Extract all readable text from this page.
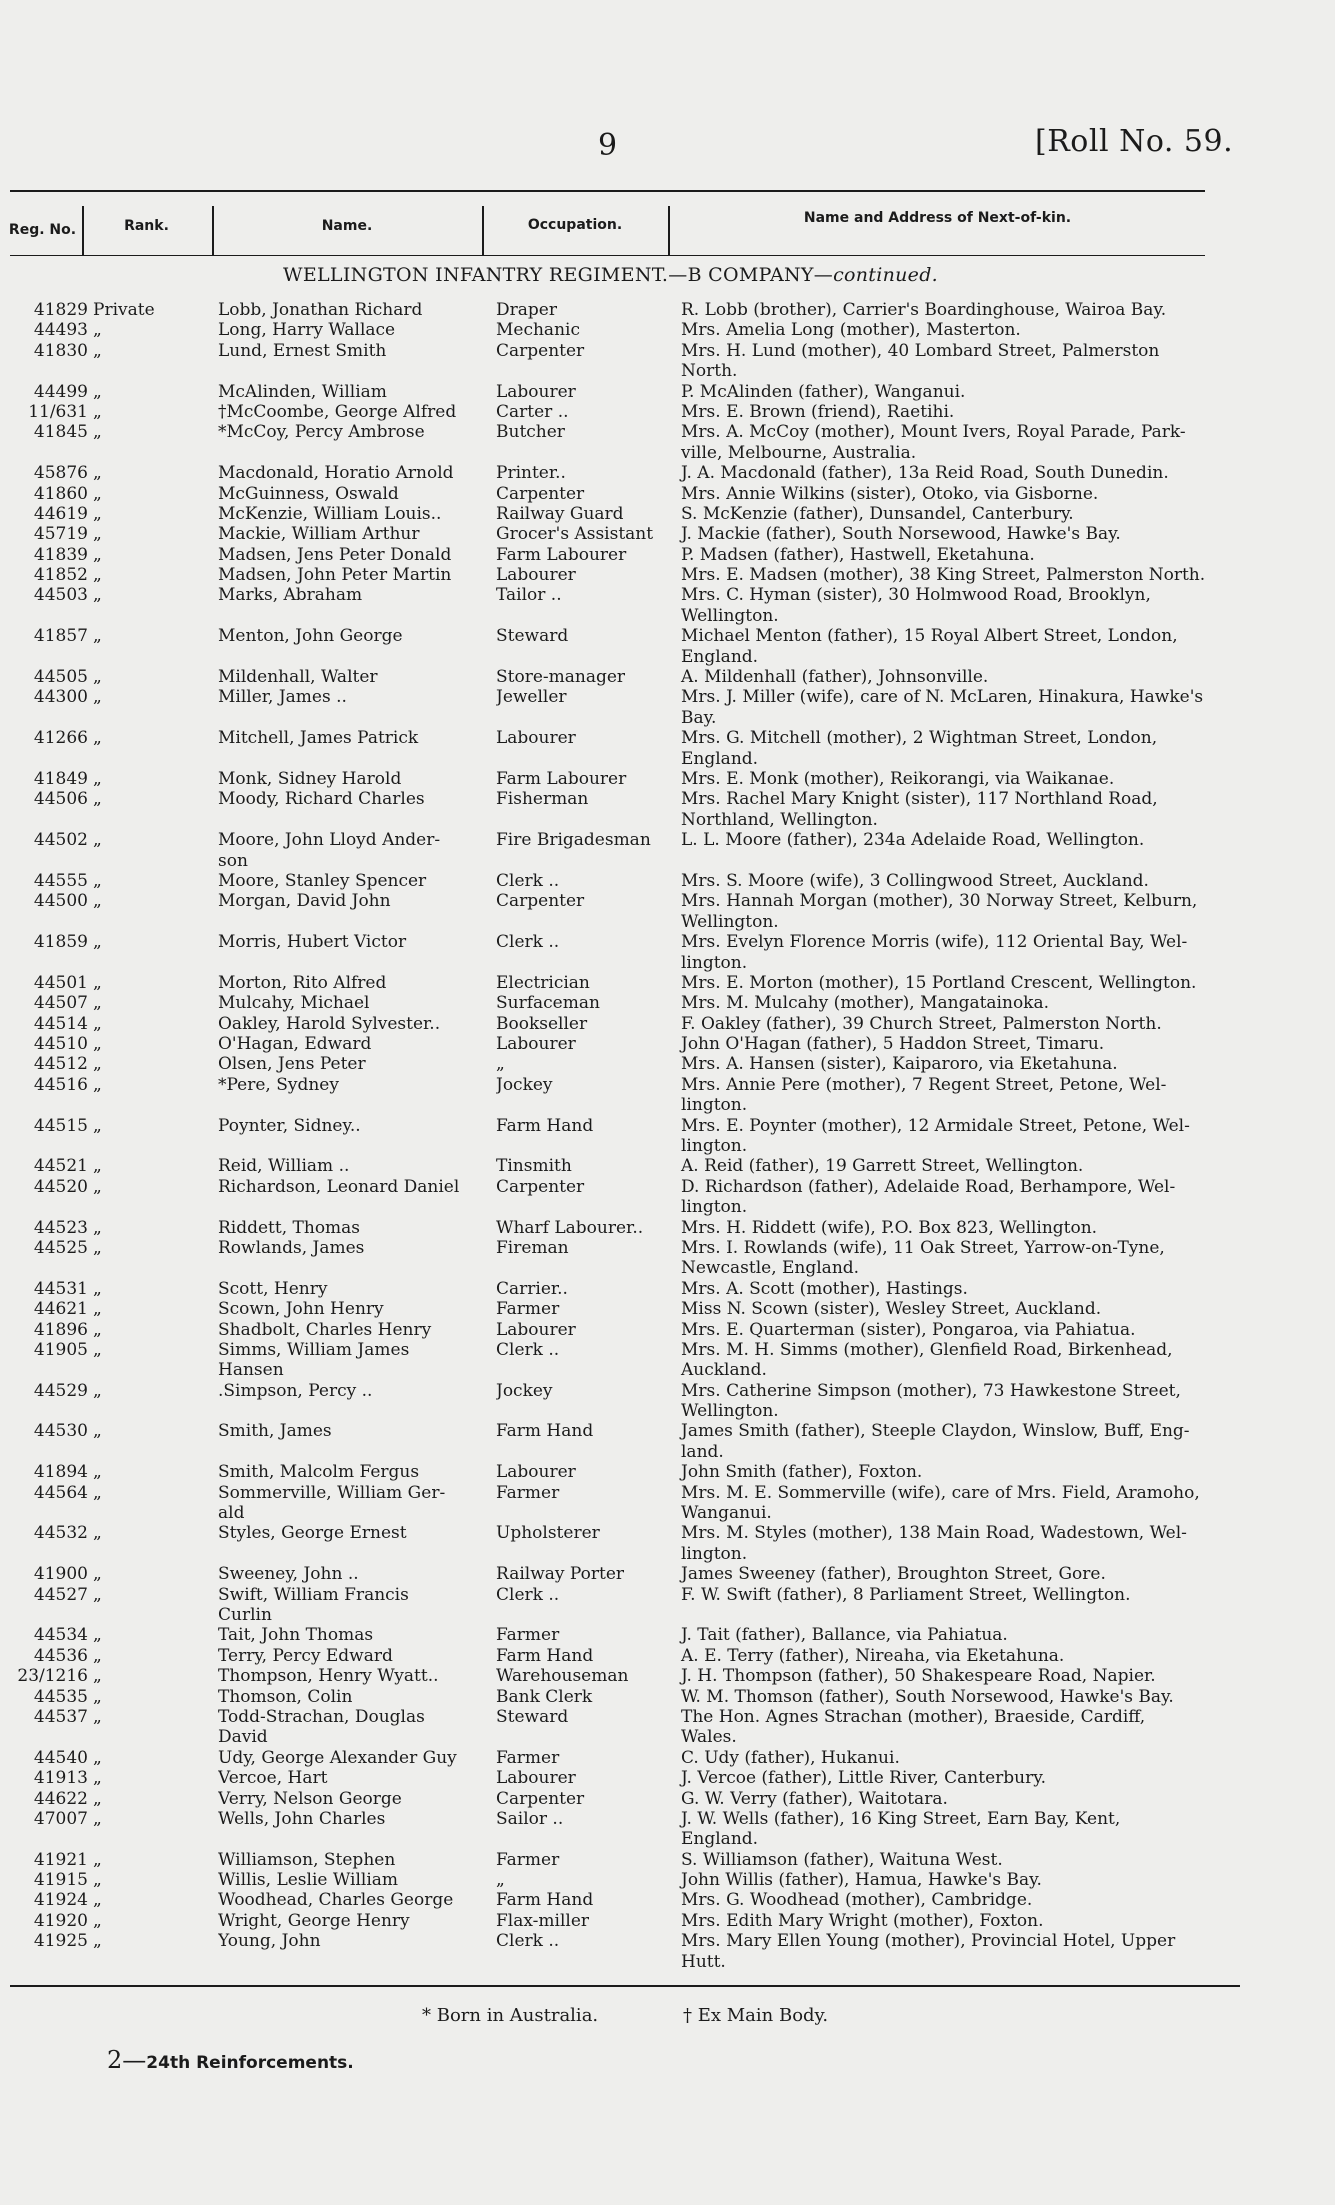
9	[Roll No. 59.
Reg. No.	Rank.	Name.	Occupation.	Name and Address of Next-of-kin.
WELLINGTON INFANTRY REGIMENT.—B COMPANY—continued.
41829 Private	Lobb, Jonathan Richard	Draper	R. Lobb (brother), Carrier's Boardinghouse, Wairoa Bay.
44493 „	Long, Harry Wallace	Mechanic	Mrs. Amelia Long (mother), Masterton.
41830 „	Lund, Ernest Smith	Carpenter	Mrs. H. Lund (mother), 40 Lombard Street, Palmerston
North.
44499 „	McAlinden, William	Labourer	P. McAlinden (father), Wanganui.
11/631 „	†McCoombe, George Alfred	Carter ..	Mrs. E. Brown (friend), Raetihi.
41845 „	*McCoy, Percy Ambrose	Butcher	Mrs. A. McCoy (mother), Mount Ivers, Royal Parade, Park-
ville, Melbourne, Australia.
45876 „	Macdonald, Horatio Arnold	Printer..	J. A. Macdonald (father), 13a Reid Road, South Dunedin.
41860 „	McGuinness, Oswald	Carpenter	Mrs. Annie Wilkins (sister), Otoko, via Gisborne.
44619 „	McKenzie, William Louis..	Railway Guard	S. McKenzie (father), Dunsandel, Canterbury.
45719 „	Mackie, William Arthur	Grocer's Assistant	J. Mackie (father), South Norsewood, Hawke's Bay.
41839 „	Madsen, Jens Peter Donald	Farm Labourer	P. Madsen (father), Hastwell, Eketahuna.
41852 „	Madsen, John Peter Martin	Labourer	Mrs. E. Madsen (mother), 38 King Street, Palmerston North.
44503 „	Marks, Abraham	Tailor ..	Mrs. C. Hyman (sister), 30 Holmwood Road, Brooklyn,
Wellington.
41857 „	Menton, John George	Steward	Michael Menton (father), 15 Royal Albert Street, London,
England.
44505 „	Mildenhall, Walter	Store-manager	A. Mildenhall (father), Johnsonville.
44300 „	Miller, James ..	Jeweller	Mrs. J. Miller (wife), care of N. McLaren, Hinakura, Hawke's
Bay.
41266 „	Mitchell, James Patrick	Labourer	Mrs. G. Mitchell (mother), 2 Wightman Street, London,
England.
41849 „	Monk, Sidney Harold	Farm Labourer	Mrs. E. Monk (mother), Reikorangi, via Waikanae.
44506 „	Moody, Richard Charles	Fisherman	Mrs. Rachel Mary Knight (sister), 117 Northland Road,
Northland, Wellington.
44502 „	Moore, John Lloyd Ander-	Fire Brigadesman	L. L. Moore (father), 234a Adelaide Road, Wellington.
son
44555 „	Moore, Stanley Spencer	Clerk ..	Mrs. S. Moore (wife), 3 Collingwood Street, Auckland.
44500 „	Morgan, David John	Carpenter	Mrs. Hannah Morgan (mother), 30 Norway Street, Kelburn,
Wellington.
41859 „	Morris, Hubert Victor	Clerk ..	Mrs. Evelyn Florence Morris (wife), 112 Oriental Bay, Wel-
lington.
44501 „	Morton, Rito Alfred	Electrician	Mrs. E. Morton (mother), 15 Portland Crescent, Wellington.
44507 „	Mulcahy, Michael	Surfaceman	Mrs. M. Mulcahy (mother), Mangatainoka.
44514 „	Oakley, Harold Sylvester..	Bookseller	F. Oakley (father), 39 Church Street, Palmerston North.
44510 „	O'Hagan, Edward	Labourer	John O'Hagan (father), 5 Haddon Street, Timaru.
44512 „	Olsen, Jens Peter	„	Mrs. A. Hansen (sister), Kaiparoro, via Eketahuna.
44516 „	*Pere, Sydney	Jockey	Mrs. Annie Pere (mother), 7 Regent Street, Petone, Wel-
lington.
44515 „	Poynter, Sidney..	Farm Hand	Mrs. E. Poynter (mother), 12 Armidale Street, Petone, Wel-
lington.
44521 „	Reid, William ..	Tinsmith	A. Reid (father), 19 Garrett Street, Wellington.
44520 „	Richardson, Leonard Daniel	Carpenter	D. Richardson (father), Adelaide Road, Berhampore, Wel-
lington.
44523 „	Riddett, Thomas	Wharf Labourer..	Mrs. H. Riddett (wife), P.O. Box 823, Wellington.
44525 „	Rowlands, James	Fireman	Mrs. I. Rowlands (wife), 11 Oak Street, Yarrow-on-Tyne,
Newcastle, England.
44531 „	Scott, Henry	Carrier..	Mrs. A. Scott (mother), Hastings.
44621 „	Scown, John Henry	Farmer	Miss N. Scown (sister), Wesley Street, Auckland.
41896 „	Shadbolt, Charles Henry	Labourer	Mrs. E. Quarterman (sister), Pongaroa, via Pahiatua.
41905 „	Simms, William James	Clerk ..	Mrs. M. H. Simms (mother), Glenfield Road, Birkenhead,
Hansen	Auckland.
44529 „	.Simpson, Percy ..	Jockey	Mrs. Catherine Simpson (mother), 73 Hawkestone Street,
Wellington.
44530 „	Smith, James	Farm Hand	James Smith (father), Steeple Claydon, Winslow, Buff, Eng-
land.
41894 „	Smith, Malcolm Fergus	Labourer	John Smith (father), Foxton.
44564 „	Sommerville, William Ger-	Farmer	Mrs. M. E. Sommerville (wife), care of Mrs. Field, Aramoho,
ald	Wanganui.
44532 „	Styles, George Ernest	Upholsterer	Mrs. M. Styles (mother), 138 Main Road, Wadestown, Wel-
lington.
41900 „	Sweeney, John ..	Railway Porter	James Sweeney (father), Broughton Street, Gore.
44527 „	Swift, William Francis	Clerk ..	F. W. Swift (father), 8 Parliament Street, Wellington.
Curlin
44534 „	Tait, John Thomas	Farmer	J. Tait (father), Ballance, via Pahiatua.
44536 „	Terry, Percy Edward	Farm Hand	A. E. Terry (father), Nireaha, via Eketahuna.
23/1216 „	Thompson, Henry Wyatt..	Warehouseman	J. H. Thompson (father), 50 Shakespeare Road, Napier.
44535 „	Thomson, Colin	Bank Clerk	W. M. Thomson (father), South Norsewood, Hawke's Bay.
44537 „	Todd-Strachan, Douglas	Steward	The Hon. Agnes Strachan (mother), Braeside, Cardiff,
David	Wales.
44540 „	Udy, George Alexander Guy	Farmer	C. Udy (father), Hukanui.
41913 „	Vercoe, Hart	Labourer	J. Vercoe (father), Little River, Canterbury.
44622 „	Verry, Nelson George	Carpenter	G. W. Verry (father), Waitotara.
47007 „	Wells, John Charles	Sailor ..	J. W. Wells (father), 16 King Street, Earn Bay, Kent,
England.
41921 „	Williamson, Stephen	Farmer	S. Williamson (father), Waituna West.
41915 „	Willis, Leslie William	„	John Willis (father), Hamua, Hawke's Bay.
41924 „	Woodhead, Charles George	Farm Hand	Mrs. G. Woodhead (mother), Cambridge.
41920 „	Wright, George Henry	Flax-miller	Mrs. Edith Mary Wright (mother), Foxton.
41925 „	Young, John	Clerk ..	Mrs. Mary Ellen Young (mother), Provincial Hotel, Upper
Hutt.
* Born in Australia.	† Ex Main Body.
2—24th Reinforcements.
